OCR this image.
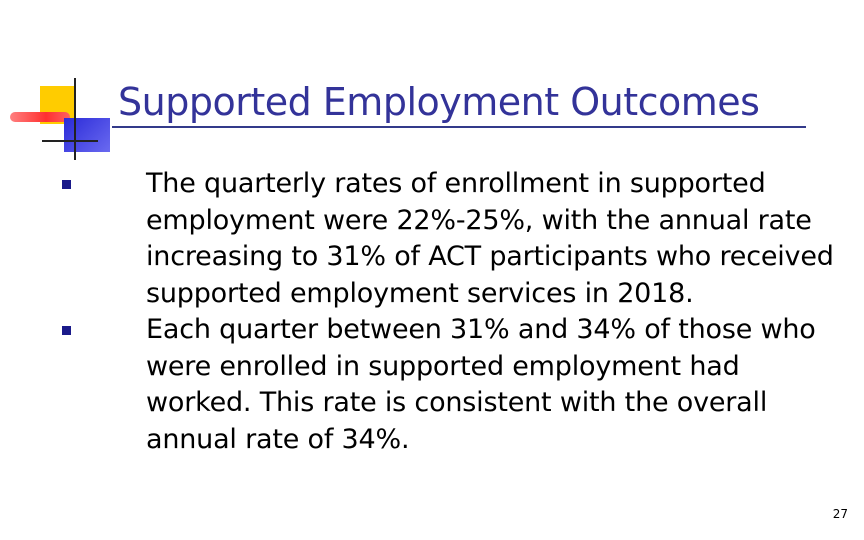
Supported Employment Outcomes
The quarterly rates of enrollment in supported employment were 22%-25%, with the annual rate increasing to 31% of ACT participants who received supported employment services in 2018.
Each quarter between 31% and 34% of those who were enrolled in supported employment had worked. This rate is consistent with the overall annual rate of 34%.
27
